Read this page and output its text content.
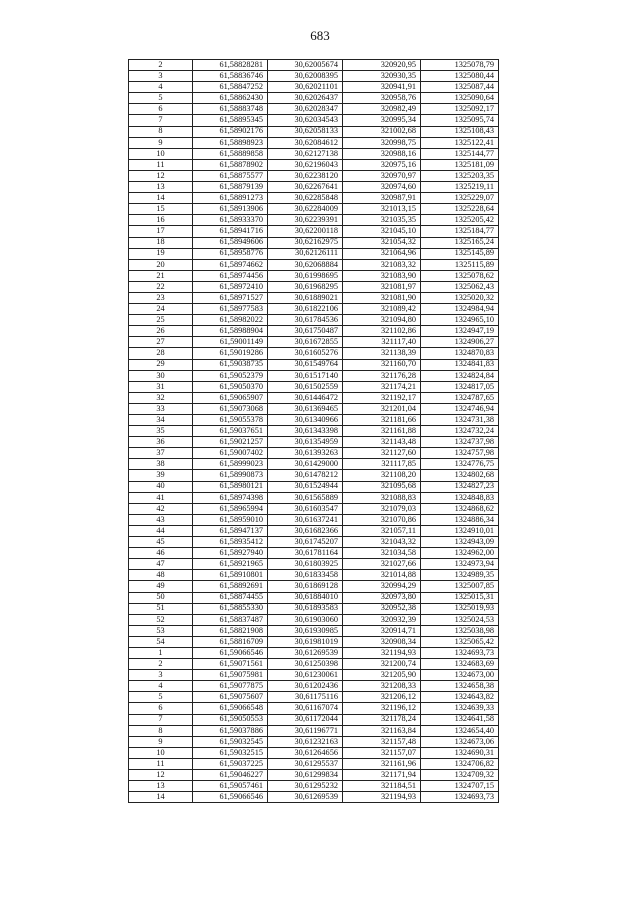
683
2	61,58828281	30,62005674	320920,95	1325078,79
3	61,58836746	30,62008395	320930,35	1325080,44
4	61,58847252	30,62021101	320941,91	1325087,44
5	61,58862430	30,62026437	320958,76	1325090,64
6	61,58883748	30,62028347	320982,49	1325092,17
7	61,58895345	30,62034543	320995,34	1325095,74
8	61,58902176	30,62058133	321002,68	1325108,43
9	61,58898923	30,62084612	320998,75	1325122,41
10	61,58889858	30,62127138	320988,16	1325144,77
11	61,58878902	30,62196043	320975,16	1325181,09
12	61,58875577	30,62238120	320970,97	1325203,35
13	61,58879139	30,62267641	320974,60	1325219,11
14	61,58891273	30,62285848	320987,91	1325229,07
15	61,58913906	30,62284009	321013,15	1325228,64
16	61,58933370	30,62239391	321035,35	1325205,42
17	61,58941716	30,62200118	321045,10	1325184,77
18	61,58949606	30,62162975	321054,32	1325165,24
19	61,58958776	30,62126111	321064,96	1325145,89
20	61,58974662	30,62068884	321083,32	1325115,89
21	61,58974456	30,61998695	321083,90	1325078,62
22	61,58972410	30,61968295	321081,97	1325062,43
23	61,58971527	30,61889021	321081,90	1325020,32
24	61,58977583	30,61822106	321089,42	1324984,94
25	61,58982022	30,61784536	321094,80	1324965,10
26	61,58988904	30,61750487	321102,86	1324947,19
27	61,59001149	30,61672855	321117,40	1324906,27
28	61,59019286	30,61605276	321138,39	1324870,83
29	61,59038735	30,61549764	321160,70	1324841,83
30	61,59052379	30,61517140	321176,28	1324824,84
31	61,59050370	30,61502559	321174,21	1324817,05
32	61,59065907	30,61446472	321192,17	1324787,65
33	61,59073068	30,61369465	321201,04	1324746,94
34	61,59055378	30,61340966	321181,66	1324731,38
35	61,59037651	30,61343398	321161,88	1324732,24
36	61,59021257	30,61354959	321143,48	1324737,98
37	61,59007402	30,61393263	321127,60	1324757,98
38	61,58999023	30,61429000	321117,85	1324776,75
39	61,58990873	30,61478212	321108,20	1324802,68
40	61,58980121	30,61524944	321095,68	1324827,23
41	61,58974398	30,61565889	321088,83	1324848,83
42	61,58965994	30,61603547	321079,03	1324868,62
43	61,58959010	30,61637241	321070,86	1324886,34
44	61,58947137	30,61682366	321057,11	1324910,01
45	61,58935412	30,61745207	321043,32	1324943,09
46	61,58927940	30,61781164	321034,58	1324962,00
47	61,58921965	30,61803925	321027,66	1324973,94
48	61,58910801	30,61833458	321014,88	1324989,35
49	61,58892691	30,61869128	320994,29	1325007,85
50	61,58874455	30,61884010	320973,80	1325015,31
51	61,58855330	30,61893583	320952,38	1325019,93
52	61,58837487	30,61903060	320932,39	1325024,53
53	61,58821908	30,61930985	320914,71	1325038,98
54	61,58816709	30,61981019	320908,34	1325065,42
1	61,59066546	30,61269539	321194,93	1324693,73
2	61,59071561	30,61250398	321200,74	1324683,69
3	61,59075981	30,61230061	321205,90	1324673,00
4	61,59077875	30,61202436	321208,33	1324658,38
5	61,59075607	30,61175116	321206,12	1324643,82
6	61,59066548	30,61167074	321196,12	1324639,33
7	61,59050553	30,61172044	321178,24	1324641,58
8	61,59037886	30,61196771	321163,84	1324654,40
9	61,59032545	30,61232163	321157,48	1324673,06
10	61,59032515	30,61264656	321157,07	1324690,31
11	61,59037225	30,61295537	321161,96	1324706,82
12	61,59046227	30,61299834	321171,94	1324709,32
13	61,59057461	30,61295232	321184,51	1324707,15
14	61,59066546	30,61269539	321194,93	1324693,73
